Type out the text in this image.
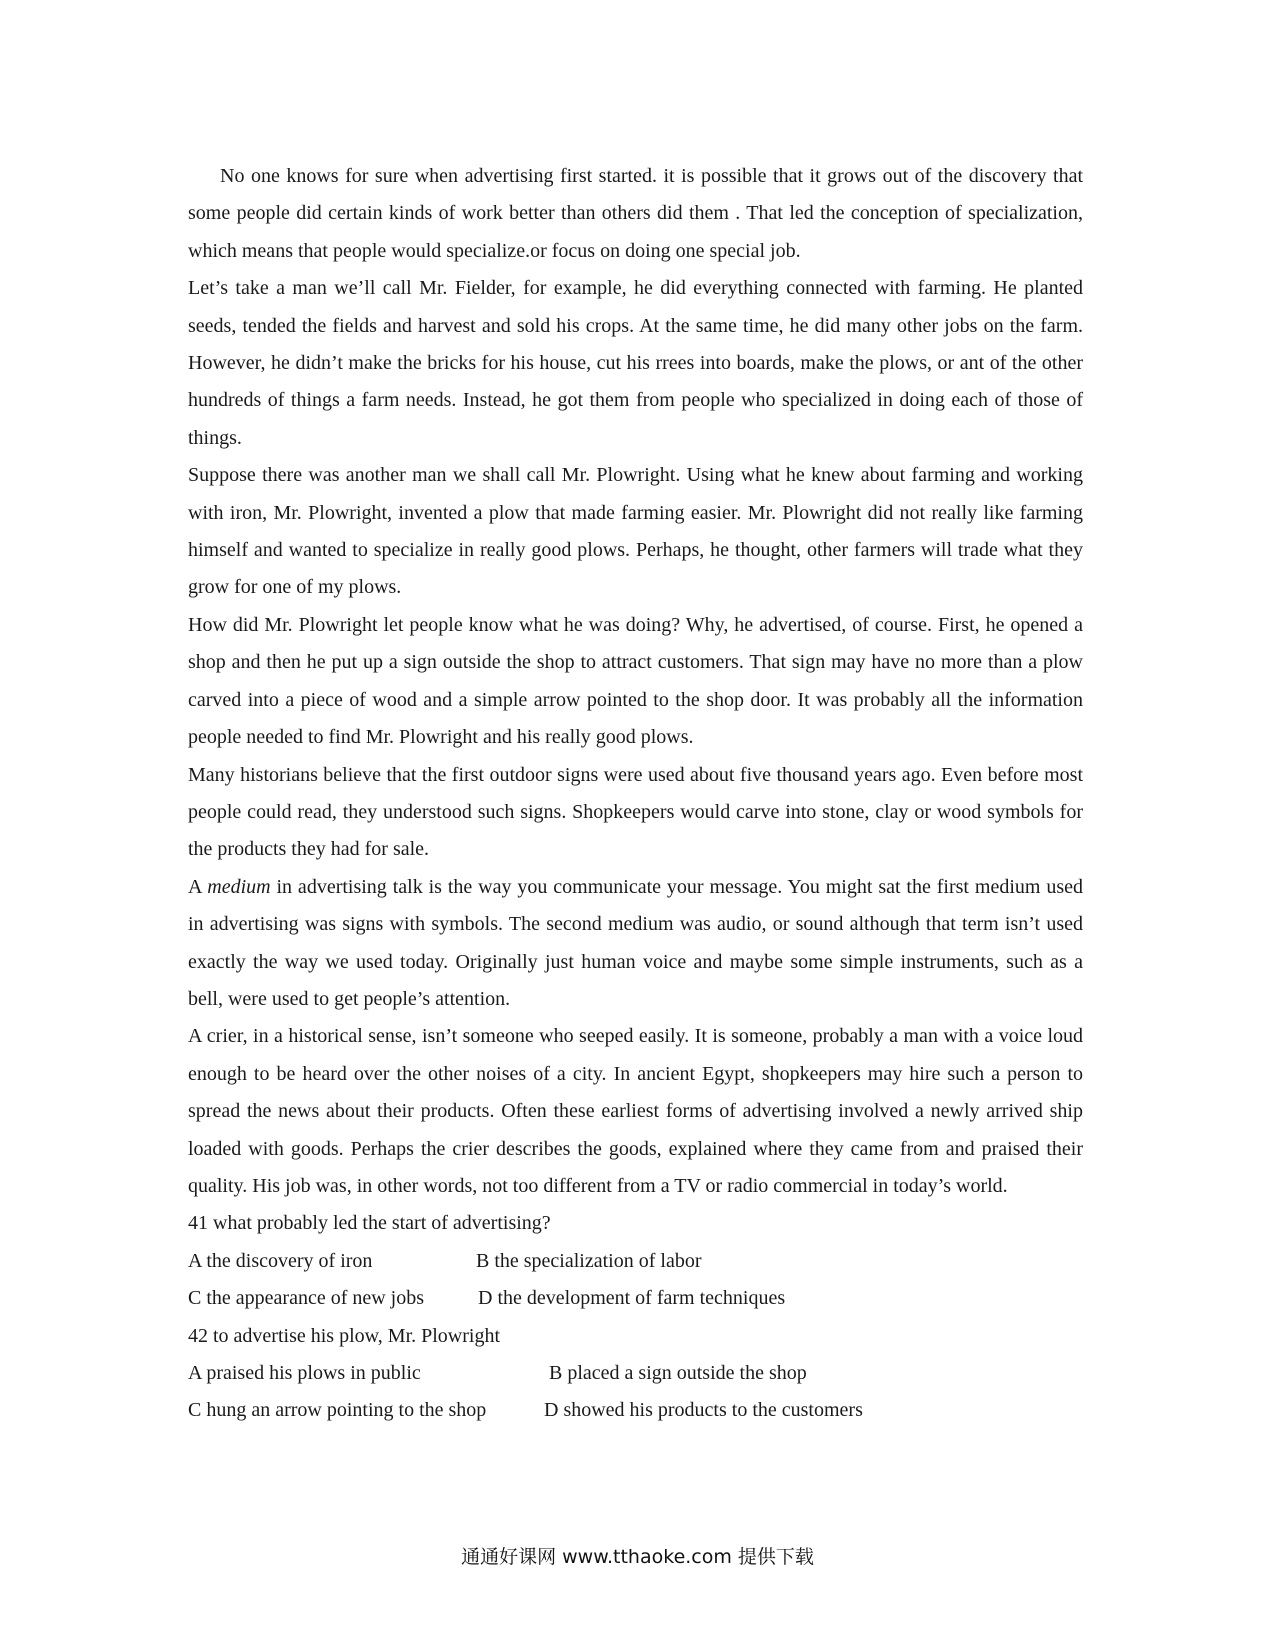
No one knows for sure when advertising first started. it is possible that it grows out of the discovery that some people did certain kinds of work better than others did them . That led the conception of specialization, which means that people would specialize.or focus on doing one special job.

Let’s take a man we’ll call Mr. Fielder, for example, he did everything connected with farming. He planted seeds, tended the fields and harvest and sold his crops. At the same time, he did many other jobs on the farm. However, he didn’t make the bricks for his house, cut his rrees into boards, make the plows, or ant of the other hundreds of things a farm needs. Instead, he got them from people who specialized in doing each of those of things.

Suppose there was another man we shall call Mr. Plowright. Using what he knew about farming and working with iron, Mr. Plowright, invented a plow that made farming easier. Mr. Plowright did not really like farming himself and wanted to specialize in really good plows. Perhaps, he thought, other farmers will trade what they grow for one of my plows.

How did Mr. Plowright let people know what he was doing? Why, he advertised, of course. First, he opened a shop and then he put up a sign outside the shop to attract customers. That sign may have no more than a plow carved into a piece of wood and a simple arrow pointed to the shop door. It was probably all the information people needed to find Mr. Plowright and his really good plows.

Many historians believe that the first outdoor signs were used about five thousand years ago. Even before most people could read, they understood such signs. Shopkeepers would carve into stone, clay or wood symbols for the products they had for sale.

A medium in advertising talk is the way you communicate your message. You might sat the first medium used in advertising was signs with symbols. The second medium was audio, or sound although that term isn’t used exactly the way we used today. Originally just human voice and maybe some simple instruments, such as a bell, were used to get people’s attention.

A crier, in a historical sense, isn’t someone who seeped easily. It is someone, probably a man with a voice loud enough to be heard over the other noises of a city. In ancient Egypt, shopkeepers may hire such a person to spread the news about their products. Often these earliest forms of advertising involved a newly arrived ship loaded with goods. Perhaps the crier describes the goods, explained where they came from and praised their quality. His job was, in other words, not too different from a TV or radio commercial in today’s world.

41 what probably led the start of advertising?

A the discovery of iron	B the specialization of labor
C the appearance of new jobs	D the development of farm techniques

42 to advertise his plow, Mr. Plowright

A praised his plows in public	B placed a sign outside the shop
C hung an arrow pointing to the shop	D showed his products to the customers
通通好课网 www.tthaoke.com 提供下载
